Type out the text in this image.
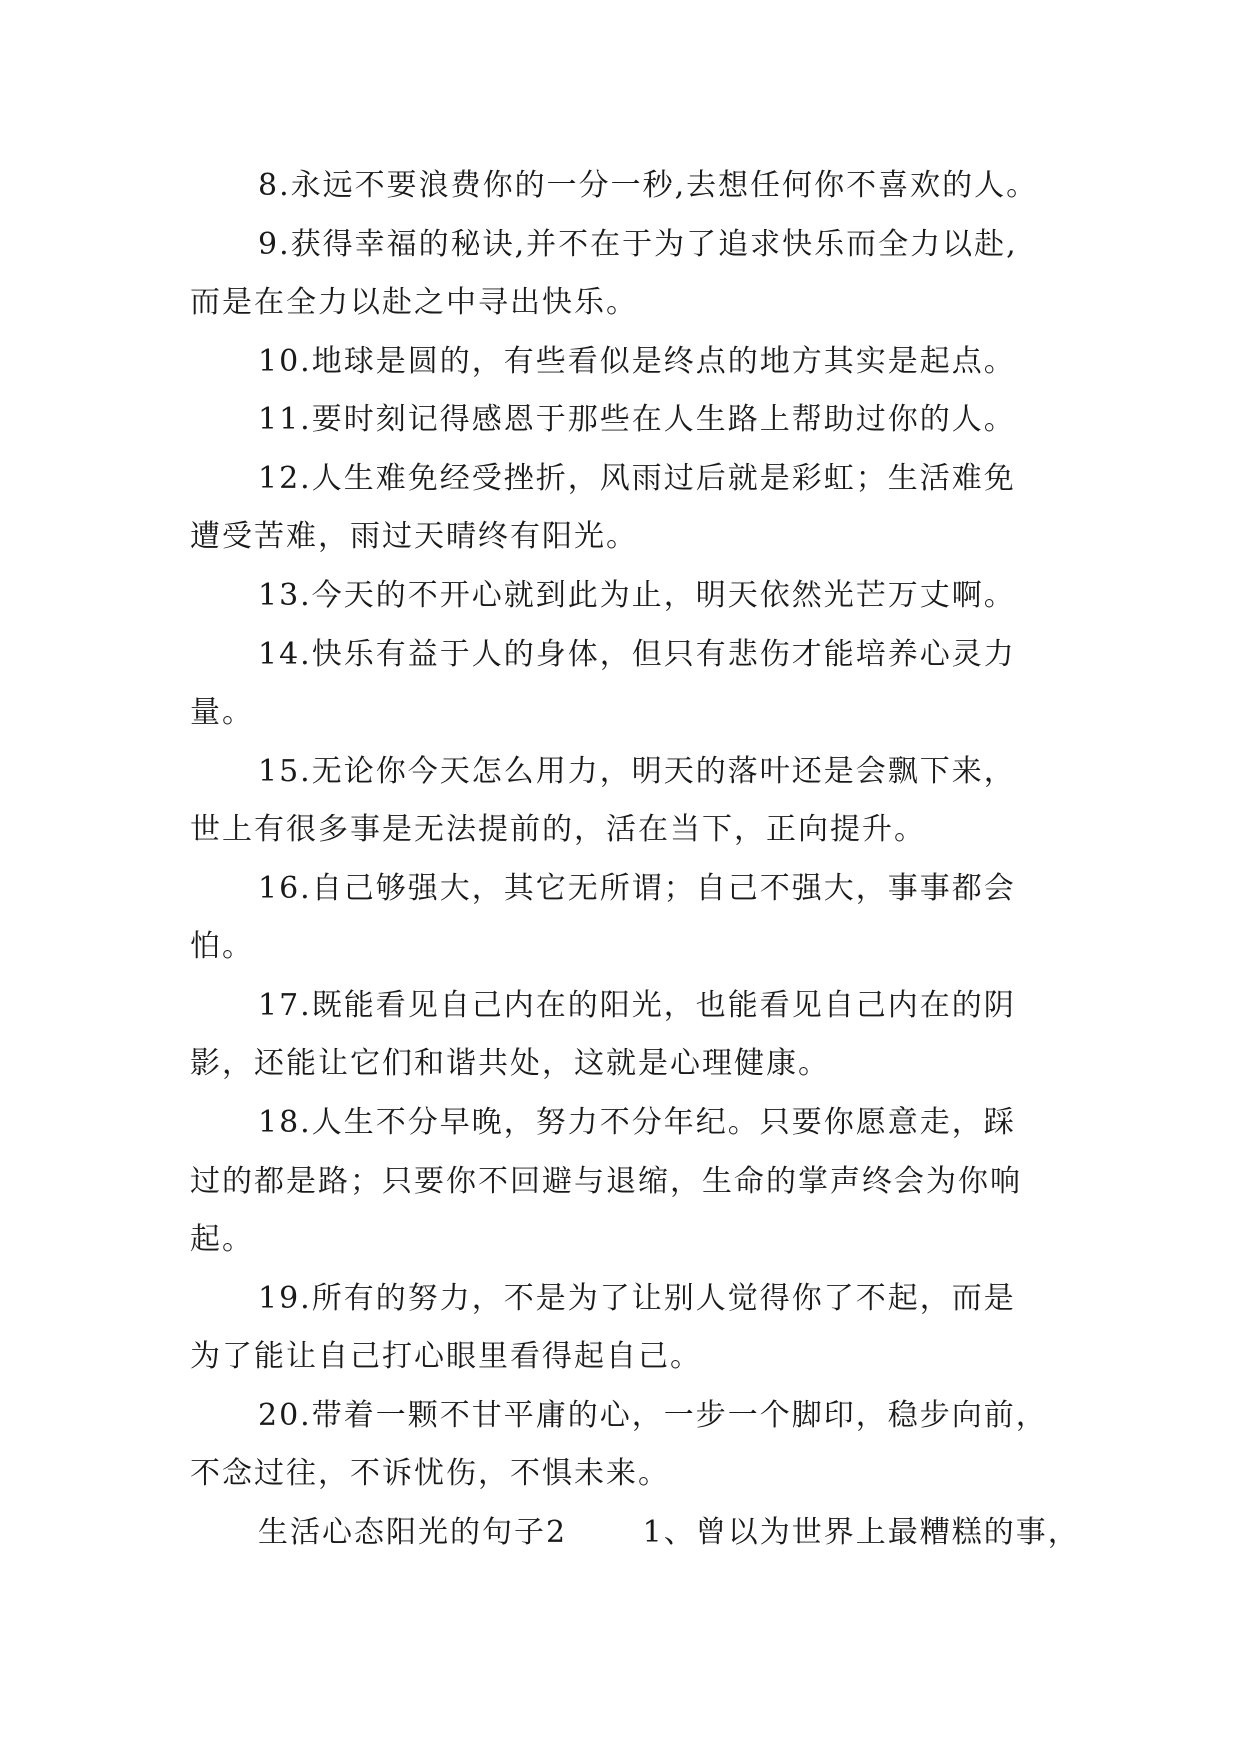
8.永远不要浪费你的一分一秒,去想任何你不喜欢的人。
9.获得幸福的秘诀,并不在于为了追求快乐而全力以赴,
而是在全力以赴之中寻出快乐。
10.地球是圆的，有些看似是终点的地方其实是起点。
11.要时刻记得感恩于那些在人生路上帮助过你的人。
12.人生难免经受挫折，风雨过后就是彩虹；生活难免
遭受苦难，雨过天晴终有阳光。
13.今天的不开心就到此为止，明天依然光芒万丈啊。
14.快乐有益于人的身体，但只有悲伤才能培养心灵力
量。
15.无论你今天怎么用力，明天的落叶还是会飘下来，
世上有很多事是无法提前的，活在当下，正向提升。
16.自己够强大，其它无所谓；自己不强大，事事都会
怕。
17.既能看见自己内在的阳光，也能看见自己内在的阴
影，还能让它们和谐共处，这就是心理健康。
18.人生不分早晚，努力不分年纪。只要你愿意走，踩
过的都是路；只要你不回避与退缩，生命的掌声终会为你响
起。
19.所有的努力，不是为了让别人觉得你了不起，而是
为了能让自己打心眼里看得起自己。
20.带着一颗不甘平庸的心，一步一个脚印，稳步向前，
不念过往，不诉忧伤，不惧未来。
生活心态阳光的句子2　　 1、曾以为世界上最糟糕的事，
